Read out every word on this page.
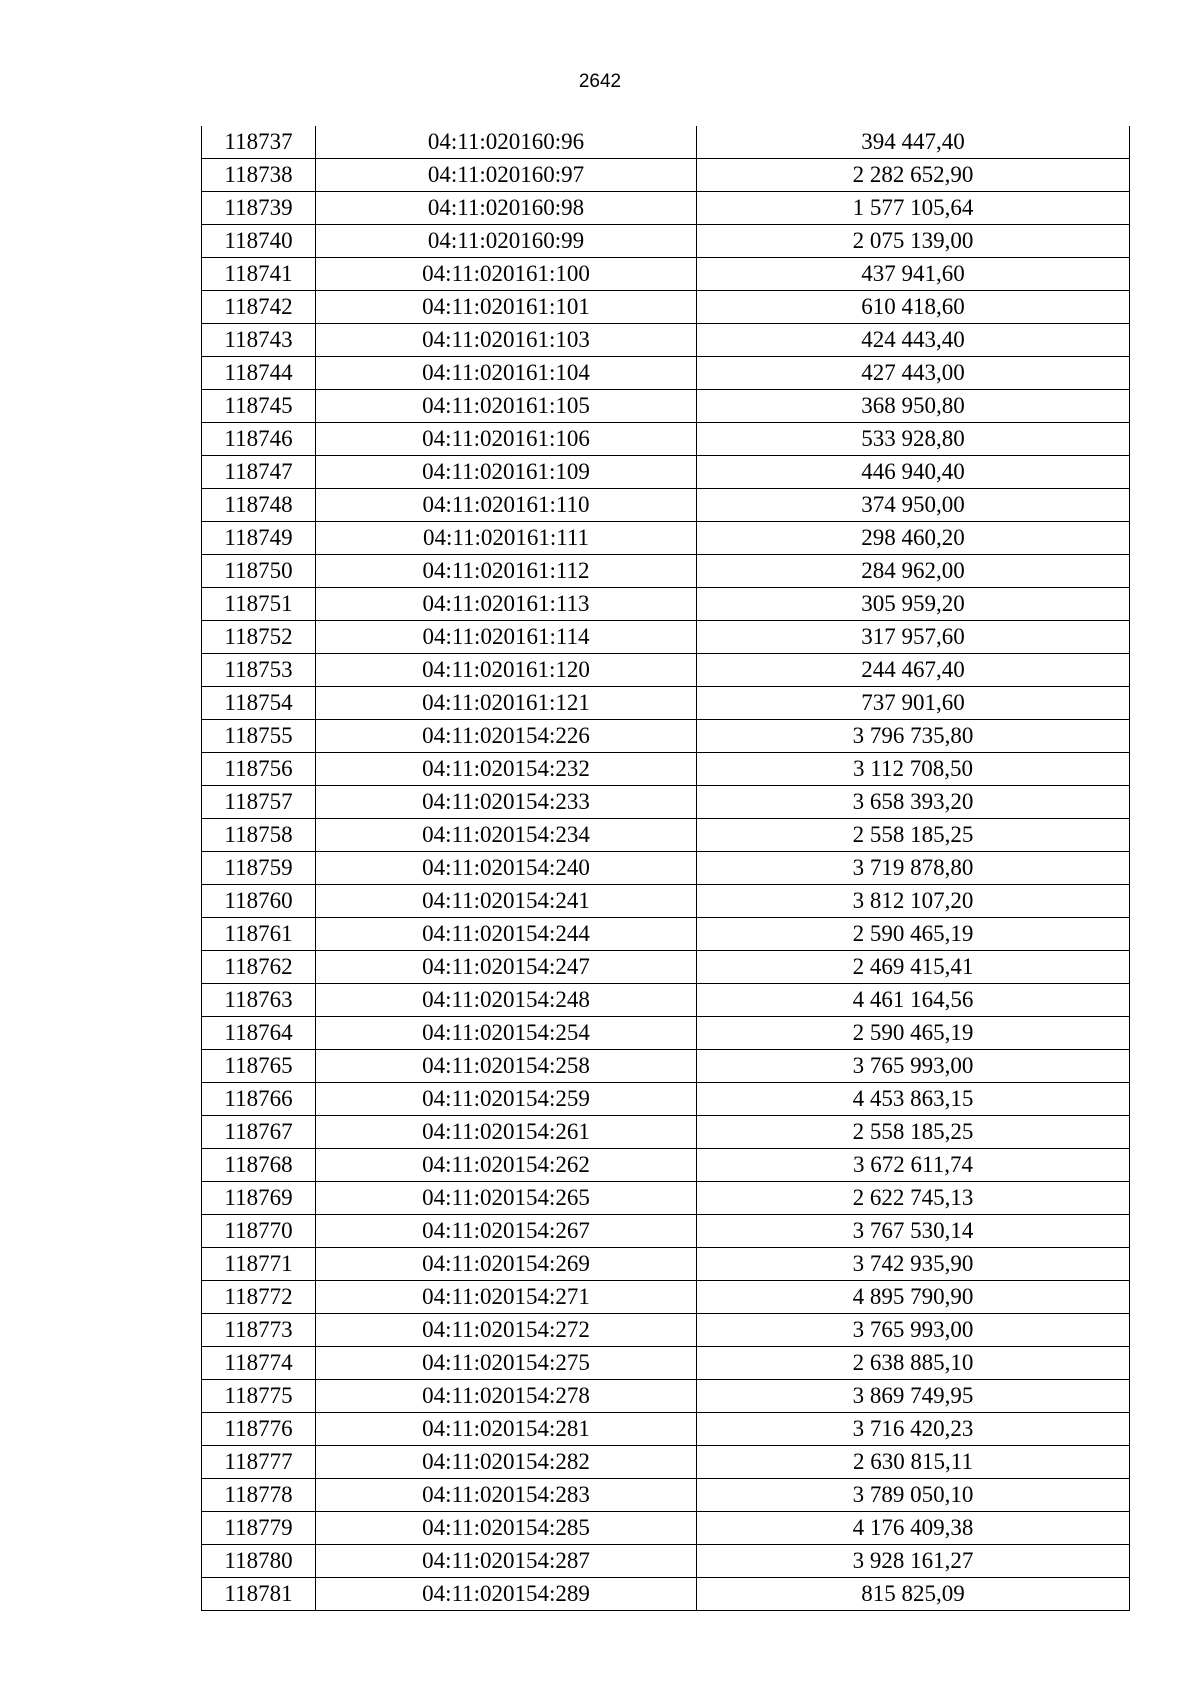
2642
118737	04:11:020160:96	394 447,40
118738	04:11:020160:97	2 282 652,90
118739	04:11:020160:98	1 577 105,64
118740	04:11:020160:99	2 075 139,00
118741	04:11:020161:100	437 941,60
118742	04:11:020161:101	610 418,60
118743	04:11:020161:103	424 443,40
118744	04:11:020161:104	427 443,00
118745	04:11:020161:105	368 950,80
118746	04:11:020161:106	533 928,80
118747	04:11:020161:109	446 940,40
118748	04:11:020161:110	374 950,00
118749	04:11:020161:111	298 460,20
118750	04:11:020161:112	284 962,00
118751	04:11:020161:113	305 959,20
118752	04:11:020161:114	317 957,60
118753	04:11:020161:120	244 467,40
118754	04:11:020161:121	737 901,60
118755	04:11:020154:226	3 796 735,80
118756	04:11:020154:232	3 112 708,50
118757	04:11:020154:233	3 658 393,20
118758	04:11:020154:234	2 558 185,25
118759	04:11:020154:240	3 719 878,80
118760	04:11:020154:241	3 812 107,20
118761	04:11:020154:244	2 590 465,19
118762	04:11:020154:247	2 469 415,41
118763	04:11:020154:248	4 461 164,56
118764	04:11:020154:254	2 590 465,19
118765	04:11:020154:258	3 765 993,00
118766	04:11:020154:259	4 453 863,15
118767	04:11:020154:261	2 558 185,25
118768	04:11:020154:262	3 672 611,74
118769	04:11:020154:265	2 622 745,13
118770	04:11:020154:267	3 767 530,14
118771	04:11:020154:269	3 742 935,90
118772	04:11:020154:271	4 895 790,90
118773	04:11:020154:272	3 765 993,00
118774	04:11:020154:275	2 638 885,10
118775	04:11:020154:278	3 869 749,95
118776	04:11:020154:281	3 716 420,23
118777	04:11:020154:282	2 630 815,11
118778	04:11:020154:283	3 789 050,10
118779	04:11:020154:285	4 176 409,38
118780	04:11:020154:287	3 928 161,27
118781	04:11:020154:289	815 825,09
